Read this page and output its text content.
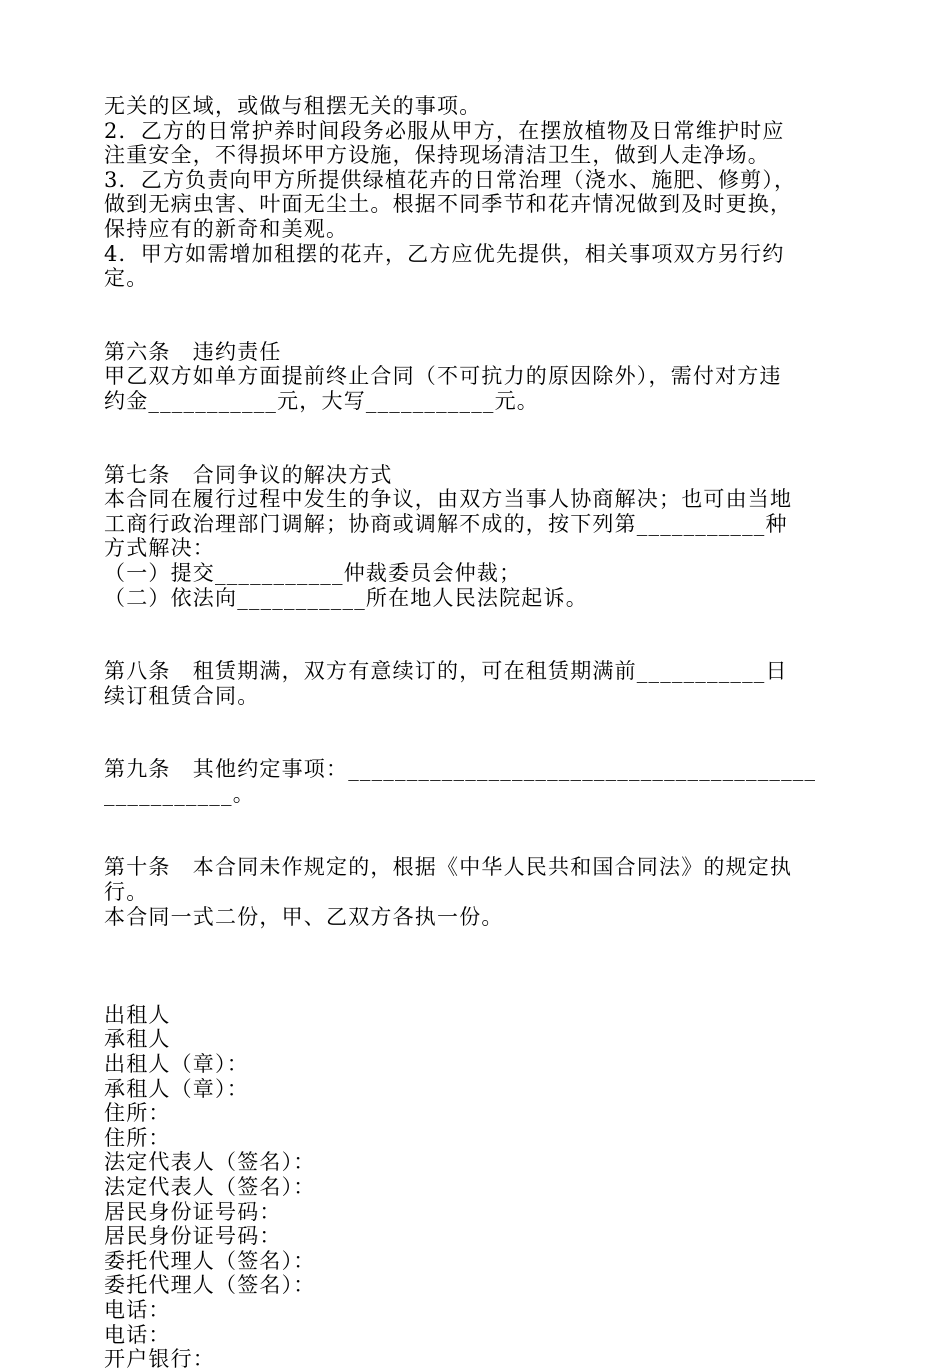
无关的区域，或做与租摆无关的事项。
2．乙方的日常护养时间段务必服从甲方，在摆放植物及日常维护时应
注重安全，不得损坏甲方设施，保持现场清洁卫生，做到人走净场。
3．乙方负责向甲方所提供绿植花卉的日常治理（浇水、施肥、修剪），
做到无病虫害、叶面无尘土。根据不同季节和花卉情况做到及时更换，
保持应有的新奇和美观。
4．甲方如需增加租摆的花卉，乙方应优先提供，相关事项双方另行约
定。
第六条　违约责任
甲乙双方如单方面提前终止合同（不可抗力的原因除外），需付对方违
约金___________元，大写___________元。
第七条　合同争议的解决方式
本合同在履行过程中发生的争议，由双方当事人协商解决；也可由当地
工商行政治理部门调解；协商或调解不成的，按下列第___________种
方式解决：
（一）提交___________仲裁委员会仲裁；
（二）依法向___________所在地人民法院起诉。
第八条　租赁期满，双方有意续订的，可在租赁期满前___________日
续订租赁合同。
第九条　其他约定事项：________________________________________
___________。
第十条　本合同未作规定的，根据《中华人民共和国合同法》的规定执
行。
本合同一式二份，甲、乙双方各执一份。
出租人
承租人
出租人（章）：
承租人（章）：
住所：
住所：
法定代表人（签名）：
法定代表人（签名）：
居民身份证号码：
居民身份证号码：
委托代理人（签名）：
委托代理人（签名）：
电话：
电话：
开户银行：
